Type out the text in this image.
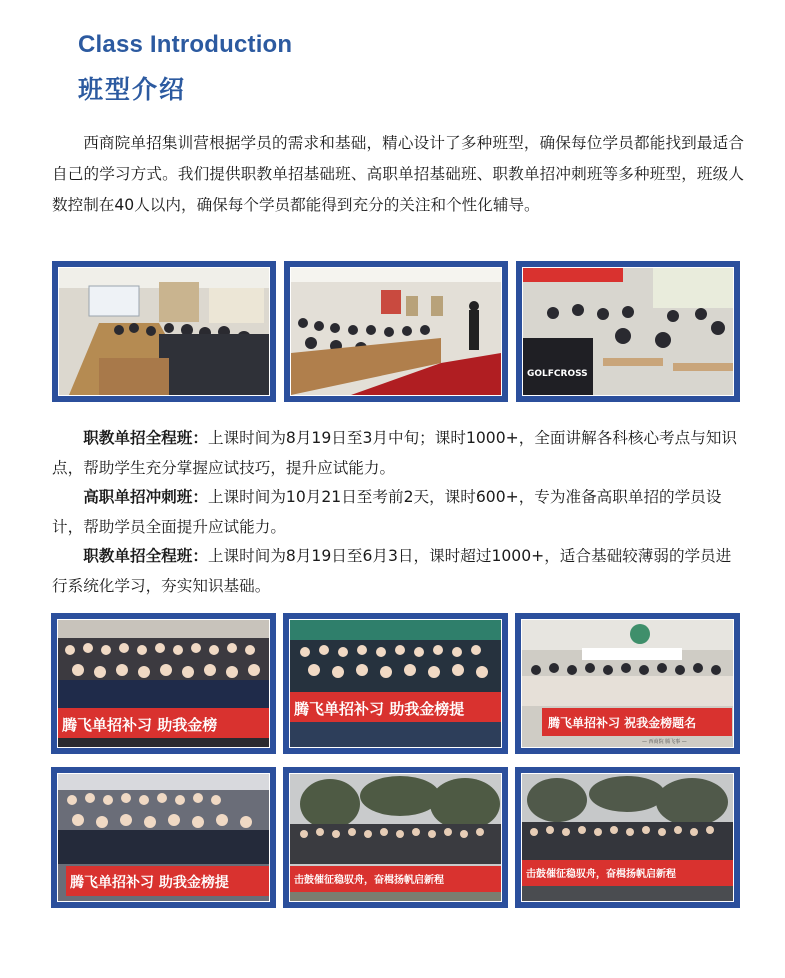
Class Introduction
班型介绍

西商院单招集训营根据学员的需求和基础，精心设计了多种班型，确保每位学员都能找到最适合自己的学习方式。我们提供职教单招基础班、高职单招基础班、职教单招冲刺班等多种班型，班级人数控制在40人以内，确保每个学员都能得到充分的关注和个性化辅导。

GOLFCROSS

职教单招全程班：上课时间为8月19日至3月中旬；课时1000+，全面讲解各科核心考点与知识点，帮助学生充分掌握应试技巧，提升应试能力。

高职单招冲刺班：上课时间为10月21日至考前2天，课时600+，专为准备高职单招的学员设计，帮助学员全面提升应试能力。

职教单招全程班：上课时间为8月19日至6月3日，课时超过1000+，适合基础较薄弱的学员进行系统化学习，夯实知识基础。

腾飞单招补习 助我金榜
腾飞单招补习 助我金榜提
腾飞单招补习 祝我金榜题名
— 西商院 腾飞事 —
腾飞单招补习 助我金榜提	击鼓催征稳驭舟，奋楫扬帆启新程
击鼓催征稳驭舟，奋楫扬帆启新程
